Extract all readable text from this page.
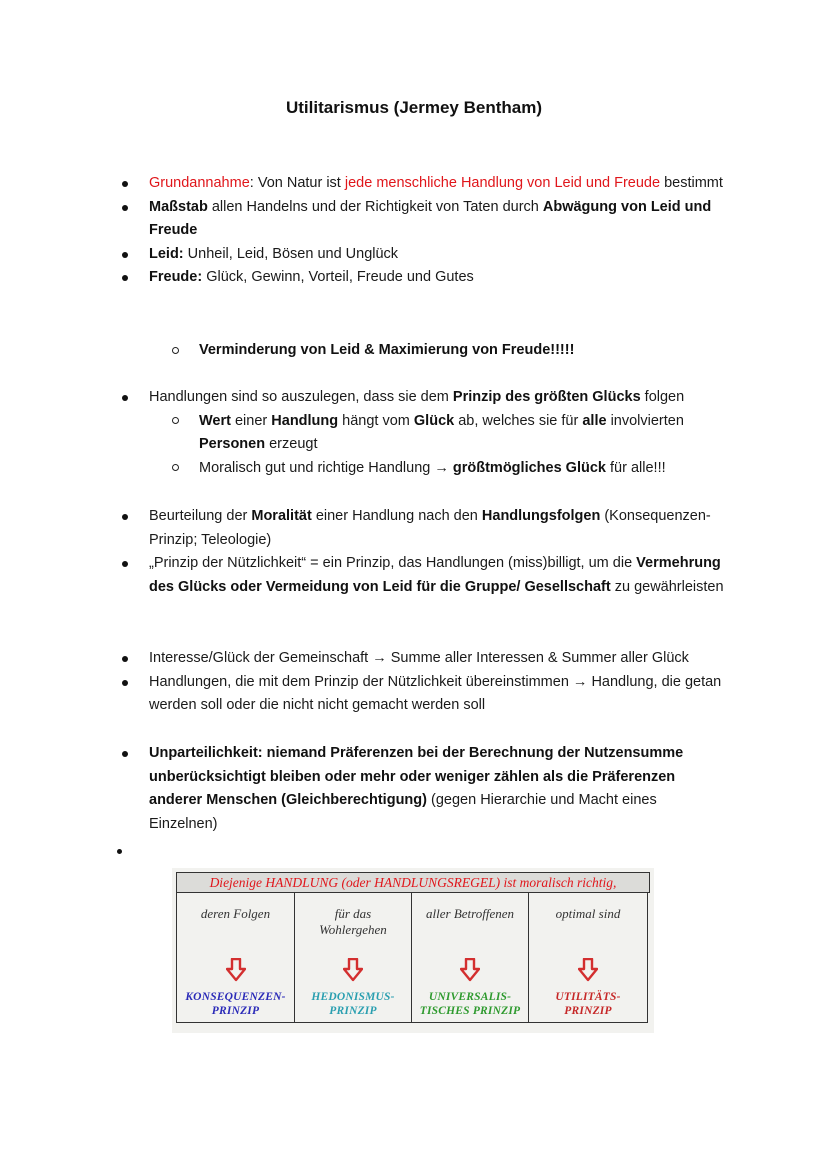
Utilitarismus (Jermey Bentham)
Grundannahme: Von Natur ist jede menschliche Handlung von Leid und Freude bestimmt
Maßstab allen Handelns und der Richtigkeit von Taten durch Abwägung von Leid und Freude
Leid: Unheil, Leid, Bösen und Unglück
Freude: Glück, Gewinn, Vorteil, Freude und Gutes
Verminderung von Leid & Maximierung von Freude!!!!!
Handlungen sind so auszulegen, dass sie dem Prinzip des größten Glücks folgen
Wert einer Handlung hängt vom Glück ab, welches sie für alle involvierten Personen erzeugt
Moralisch gut und richtige Handlung → größtmögliches Glück für alle!!!
Beurteilung der Moralität einer Handlung nach den Handlungsfolgen (Konsequenzen-Prinzip; Teleologie)
„Prinzip der Nützlichkeit“ = ein Prinzip, das Handlungen (miss)billigt, um die Vermehrung des Glücks oder Vermeidung von Leid für die Gruppe/ Gesellschaft zu gewährleisten
Interesse/Glück der Gemeinschaft → Summe aller Interessen & Summer aller Glück
Handlungen, die mit dem Prinzip der Nützlichkeit übereinstimmen → Handlung, die getan werden soll oder die nicht nicht gemacht werden soll
Unparteilichkeit: niemand Präferenzen bei der Berechnung der Nutzensumme unberücksichtigt bleiben oder mehr oder weniger zählen als die Präferenzen anderer Menschen (Gleichberechtigung) (gegen Hierarchie und Macht eines Einzelnen)
Diejenige HANDLUNG (oder HANDLUNGSREGEL) ist moralisch richtig,
deren Folgen

KONSEQUENZEN-
PRINZIP
für das
Wohlergehen
HEDONISMUS-
PRINZIP
aller Betroffenen

UNIVERSALIS-
TISCHES PRINZIP
optimal sind

UTILITÄTS-
PRINZIP
